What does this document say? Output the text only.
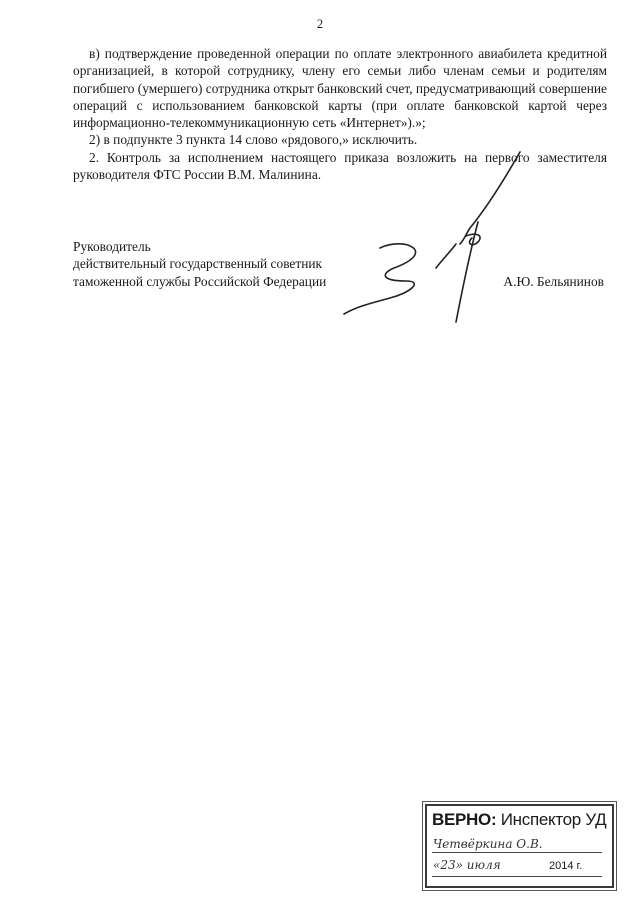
2

в) подтверждение проведенной операции по оплате электронного авиабилета кредитной организацией, в которой сотруднику, члену его семьи либо членам семьи и родителям погибшего (умершего) сотрудника открыт банковский счет, предусматривающий совершение операций с использованием банковской карты (при оплате банковской картой через информационно-телекоммуникационную сеть «Интернет»).»;

2) в подпункте 3 пункта 14 слово «рядового,» исключить.

2. Контроль за исполнением настоящего приказа возложить на первого заместителя руководителя ФТС России В.М. Малинина.

Руководитель
действительный государственный советник
таможенной службы Российской Федерации	А.Ю. Бельянинов
ВЕРНО: Инспектор УД
Четвёркина О.В.
«23» июля	2014 г.
